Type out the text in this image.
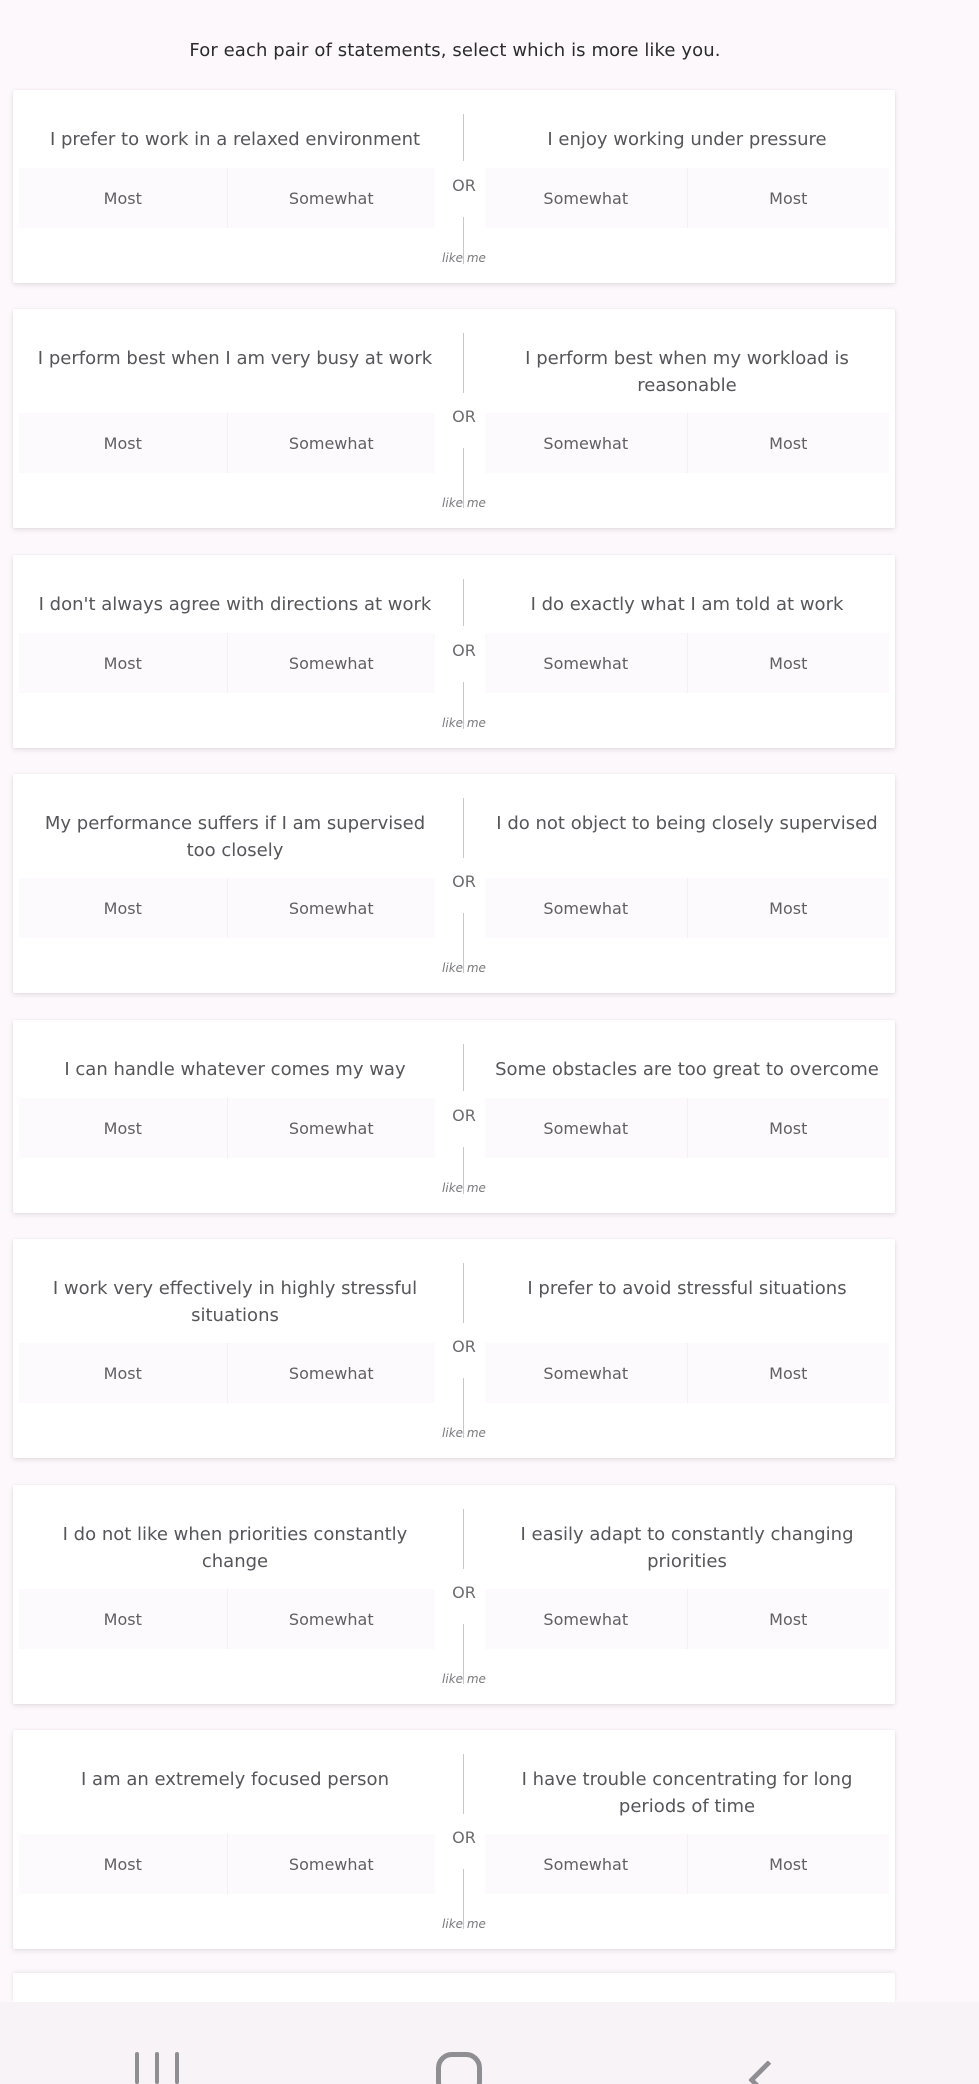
For each pair of statements, select which is more like you.
I prefer to work in a relaxed environment
Most	Somewhat
OR
I enjoy working under pressure
Somewhat	Most
like me
I perform best when I am very busy at work
Most	Somewhat
OR
I perform best when my workload is reasonable
Somewhat	Most
like me
I don't always agree with directions at work
Most	Somewhat
OR
I do exactly what I am told at work
Somewhat	Most
like me
My performance suffers if I am supervised too closely
Most	Somewhat
OR
I do not object to being closely supervised
Somewhat	Most
like me
I can handle whatever comes my way
Most	Somewhat
OR
Some obstacles are too great to overcome
Somewhat	Most
like me
I work very effectively in highly stressful situations
Most	Somewhat
OR
I prefer to avoid stressful situations
Somewhat	Most
like me
I do not like when priorities constantly change
Most	Somewhat
OR
I easily adapt to constantly changing priorities
Somewhat	Most
like me
I am an extremely focused person
Most	Somewhat
OR
I have trouble concentrating for long periods of time
Somewhat	Most
like me
